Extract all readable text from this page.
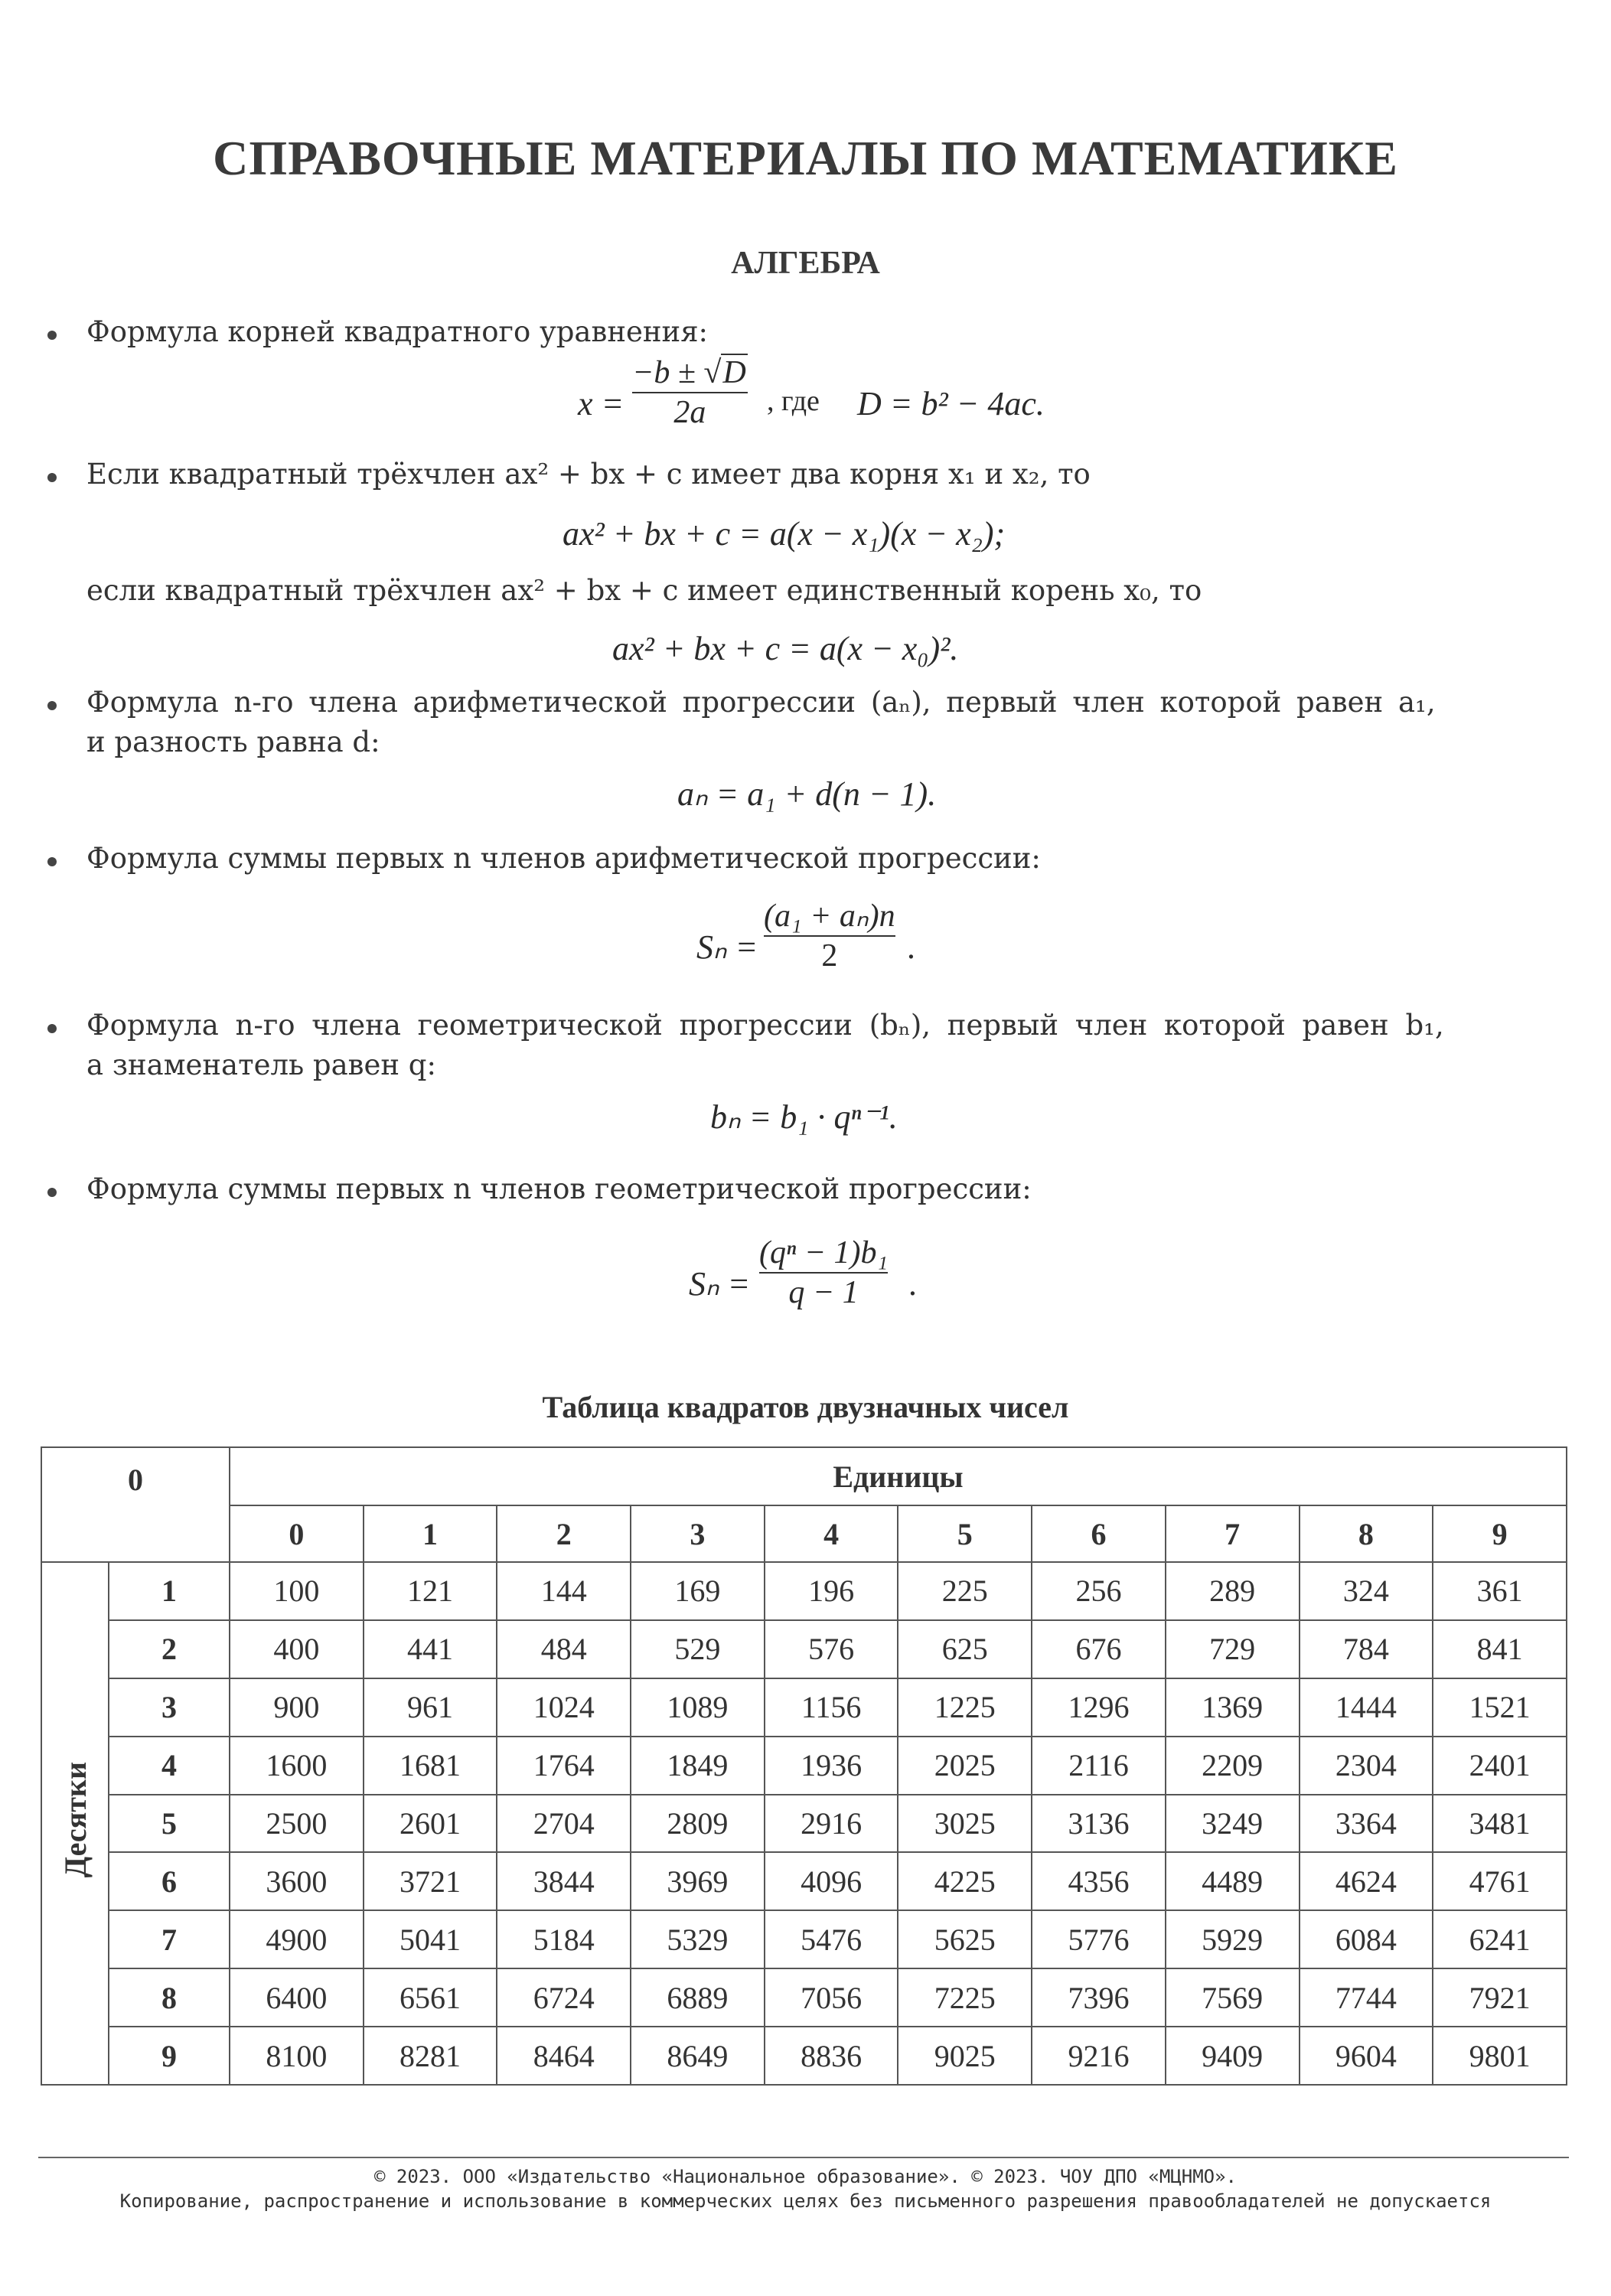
СПРАВОЧНЫЕ МАТЕРИАЛЫ ПО МАТЕМАТИКЕ
АЛГЕБРА
Формула корней квадратного уравнения:
x =
−b ± √D
2a , где D = b² − 4ac.
Если квадратный трёхчлен ax² + bx + c имеет два корня x₁ и x₂, то
ax² + bx + c = a(x − x₁)(x − x₂);
если квадратный трёхчлен ax² + bx + c имеет единственный корень x₀, то
ax² + bx + c = a(x − x₀)².
Формула n-го члена арифметической прогрессии (aₙ), первый член которой равен a₁,
и разность равна d:
aₙ = a₁ + d(n − 1).
Формула суммы первых n членов арифметической прогрессии:
Sₙ =
(a₁ + aₙ)n
2 .
Формула n-го члена геометрической прогрессии (bₙ), первый член которой равен b₁,
а знаменатель равен q:
bₙ = b₁ · qⁿ⁻¹.
Формула суммы первых n членов геометрической прогрессии:
Sₙ =
(qⁿ − 1)b₁
q − 1 .
Таблица квадратов двузначных чисел
0		Единицы									
		0	1	2	3	4	5	6	7	8	9
Десятки	1	100	121	144	169	196	225	256	289	324	361
	2	400	441	484	529	576	625	676	729	784	841
	3	900	961	1024	1089	1156	1225	1296	1369	1444	1521
	4	1600	1681	1764	1849	1936	2025	2116	2209	2304	2401
	5	2500	2601	2704	2809	2916	3025	3136	3249	3364	3481
	6	3600	3721	3844	3969	4096	4225	4356	4489	4624	4761
	7	4900	5041	5184	5329	5476	5625	5776	5929	6084	6241
	8	6400	6561	6724	6889	7056	7225	7396	7569	7744	7921
	9	8100	8281	8464	8649	8836	9025	9216	9409	9604	9801
© 2023. ООО «Издательство «Национальное образование». © 2023. ЧОУ ДПО «МЦНМО».
Копирование, распространение и использование в коммерческих целях без письменного разрешения правообладателей не допускается
